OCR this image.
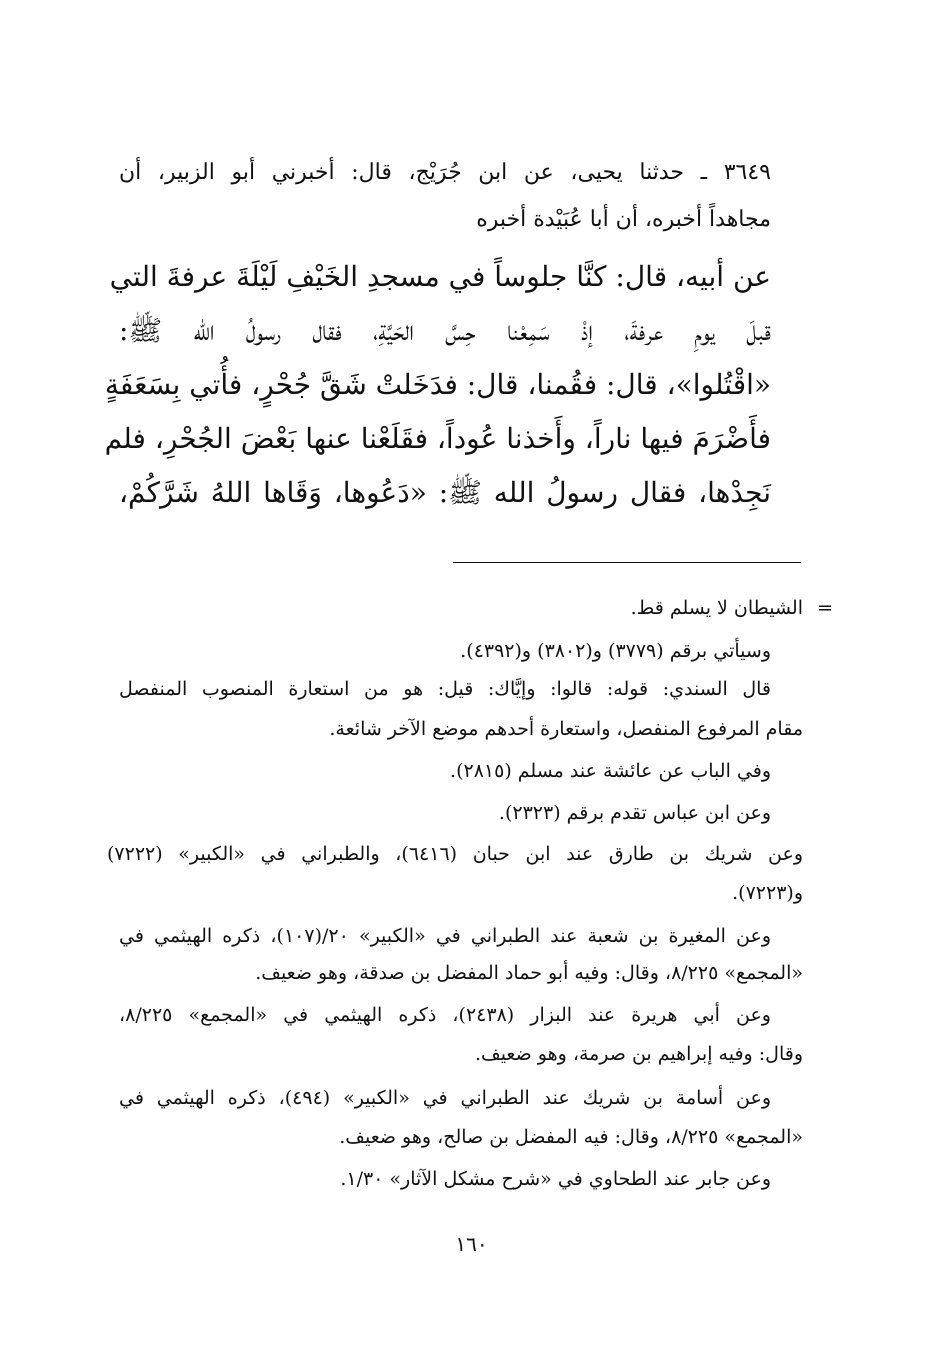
٣٦٤٩ ـ حدثنا يحيى، عن ابن جُرَيْج، قال: أخبرني أبو الزبير، أن
مجاهداً أخبره، أن أبا عُبَيْدة أخبره
عن أبيه، قال: كنَّا جلوساً في مسجدِ الخَيْفِ لَيْلَةَ عرفةَ التي
قبلَ يومِ عرفةَ، إذْ سَمِعْنا حِسَّ الحَيَّةِ، فقال رسولُ الله ﷺ:
«اقْتُلوا»، قال: فقُمنا، قال: فدَخَلتْ شَقَّ جُحْرٍ، فأُتي بِسَعَفَةٍ
فأَضْرَمَ فيها ناراً، وأَخذنا عُوداً، فقَلَعْنا عنها بَعْضَ الجُحْرِ، فلم
نَجِدْها، فقال رسولُ الله ﷺ: «دَعُوها، وَقَاها اللهُ شَرَّكُمْ،
=
الشيطان لا يسلم قط.
وسيأتي برقم (٣٧٧٩) و(٣٨٠٢) و(٤٣٩٢).
قال السندي: قوله: قالوا: وإيَّاك: قيل: هو من استعارة المنصوب المنفصل
مقام المرفوع المنفصل، واستعارة أحدهم موضع الآخر شائعة.
وفي الباب عن عائشة عند مسلم (٢٨١٥).
وعن ابن عباس تقدم برقم (٢٣٢٣).
وعن شريك بن طارق عند ابن حبان (٦٤١٦)، والطبراني في «الكبير» (٧٢٢٢)
و(٧٢٢٣).
وعن المغيرة بن شعبة عند الطبراني في «الكبير» ٢٠/(١٠٧)، ذكره الهيثمي في
«المجمع» ٨/٢٢٥، وقال: وفيه أبو حماد المفضل بن صدقة، وهو ضعيف.
وعن أبي هريرة عند البزار (٢٤٣٨)، ذكره الهيثمي في «المجمع» ٨/٢٢٥،
وقال: وفيه إبراهيم بن صرمة، وهو ضعيف.
وعن أسامة بن شريك عند الطبراني في «الكبير» (٤٩٤)، ذكره الهيثمي في
«المجمع» ٨/٢٢٥، وقال: فيه المفضل بن صالح، وهو ضعيف.
وعن جابر عند الطحاوي في «شرح مشكل الآثار» ١/٣٠.
١٦٠
